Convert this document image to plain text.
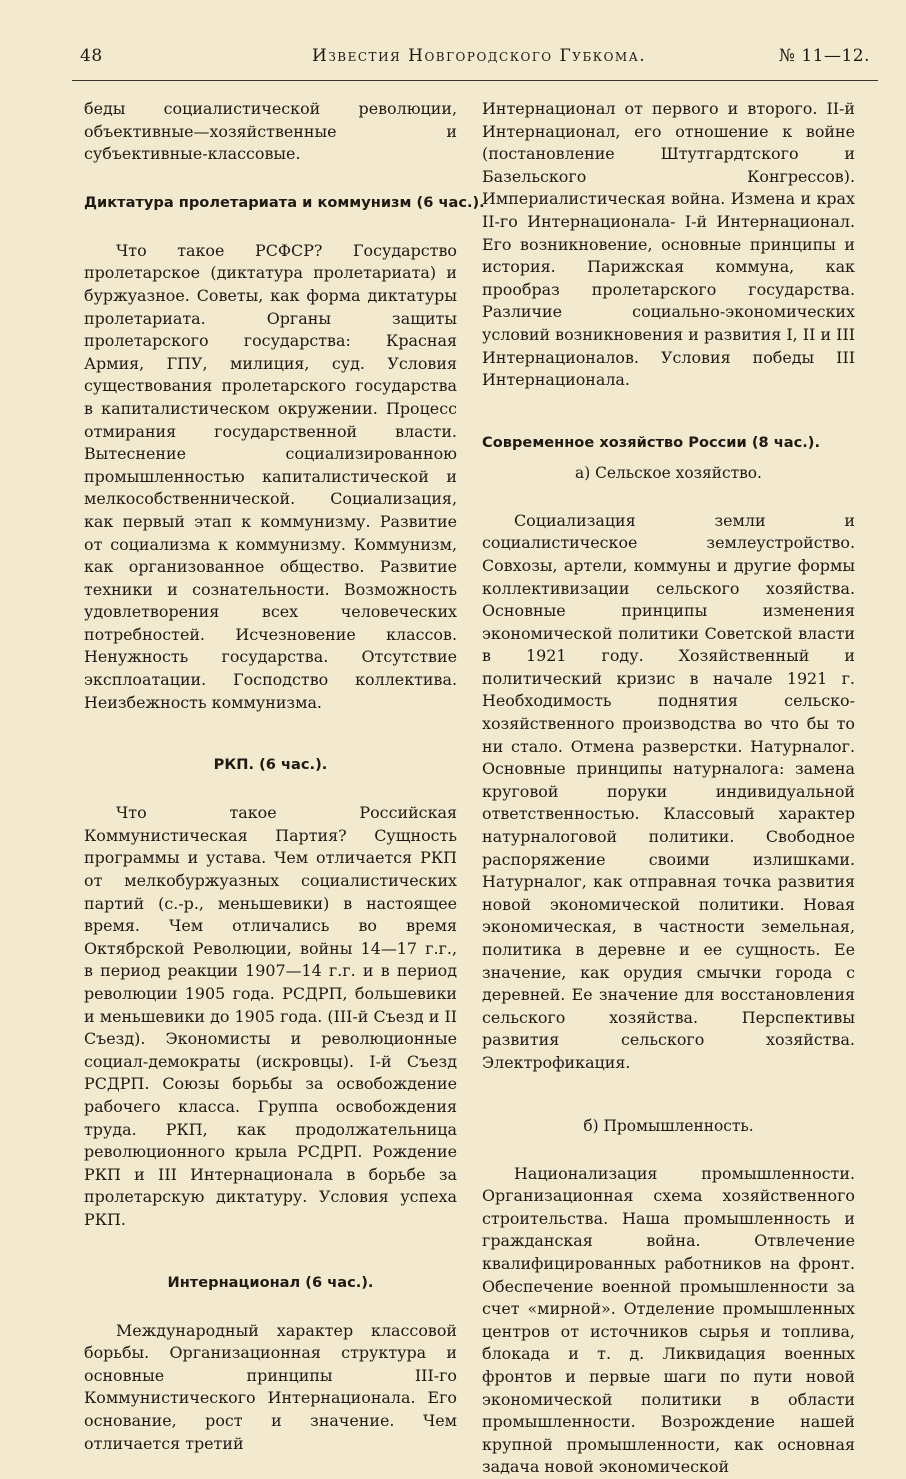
48	Известия Новгородского Губкома.	№ 11—12.

беды социалистической революции, объективные—хозяйственные и субъективные-классовые.

Диктатура пролетариата и коммунизм (6 час.).

Что такое РСФСР? Государство пролетарское (диктатура пролетариата) и буржуазное. Советы, как форма диктатуры пролетариата. Органы защиты пролетарского государства: Красная Армия, ГПУ, милиция, суд. Условия существования пролетарского государства в капиталистическом окружении. Процесс отмирания государственной власти. Вытеснение социализированною промышленностью капиталистической и мелкособственнической. Социализация, как первый этап к коммунизму. Развитие от социализма к коммунизму. Коммунизм, как организованное общество. Развитие техники и сознательности. Возможность удовлетворения всех человеческих потребностей. Исчезновение классов. Ненужность государства. Отсутствие эксплоатации. Господство коллектива. Неизбежность коммунизма.

РКП. (6 час.).

Что такое Российская Коммунистическая Партия? Сущность программы и устава. Чем отличается РКП от мелкобуржуазных социалистических партий (с.-р., меньшевики) в настоящее время. Чем отличались во время Октябрской Революции, войны 14—17 г.г., в период реакции 1907—14 г.г. и в период революции 1905 года. РСДРП, большевики и меньшевики до 1905 года. (III-й Съезд и II Съезд). Экономисты и революционные социал-демократы (искровцы). I-й Съезд РСДРП. Союзы борьбы за освобождение рабочего класса. Группа освобождения труда. РКП, как продолжательница революционного крыла РСДРП. Рождение РКП и III Интернационала в борьбе за пролетарскую диктатуру. Условия успеха РКП.

Интернационал (6 час.).

Международный характер классовой борьбы. Организационная структура и основные принципы III-го Коммунистического Интернационала. Его основание, рост и значение. Чем отличается третий

Интернационал от первого и второго. II-й Интернационал, его отношение к войне (постановление Штутгардтского и Базельского Конгрессов). Империалистическая война. Измена и крах II-го Интернационала- I-й Интернационал. Его возникновение, основные принципы и история. Парижская коммуна, как прообраз пролетарского государства. Различие социально-экономических условий возникновения и развития I, II и III Интернационалов. Условия победы III Интернационала.

Современное хозяйство России (8 час.).
а) Сельское хозяйство.

Социализация земли и социалистическое землеустройство. Совхозы, артели, коммуны и другие формы коллективизации сельского хозяйства. Основные принципы изменения экономической политики Советской власти в 1921 году. Хозяйственный и политический кризис в начале 1921 г. Необходимость поднятия сельско-хозяйственного производства во что бы то ни стало. Отмена разверстки. Натурналог. Основные принципы натурналога: замена круговой поруки индивидуальной ответственностью. Классовый характер натурналоговой политики. Свободное распоряжение своими излишками. Натурналог, как отправная точка развития новой экономической политики. Новая экономическая, в частности земельная, политика в деревне и ее сущность. Ее значение, как орудия смычки города с деревней. Ее значение для восстановления сельского хозяйства. Перспективы развития сельского хозяйства. Электрофикация.

б) Промышленность.

Национализация промышленности. Организационная схема хозяйственного строительства. Наша промышленность и гражданская война. Отвлечение квалифицированных работников на фронт. Обеспечение военной промышленности за счет «мирной». Отделение промышленных центров от источников сырья и топлива, блокада и т. д. Ликвидация военных фронтов и первые шаги по пути новой экономической политики в области промышленности. Возрождение нашей крупной промышленности, как основная задача новой экономической
